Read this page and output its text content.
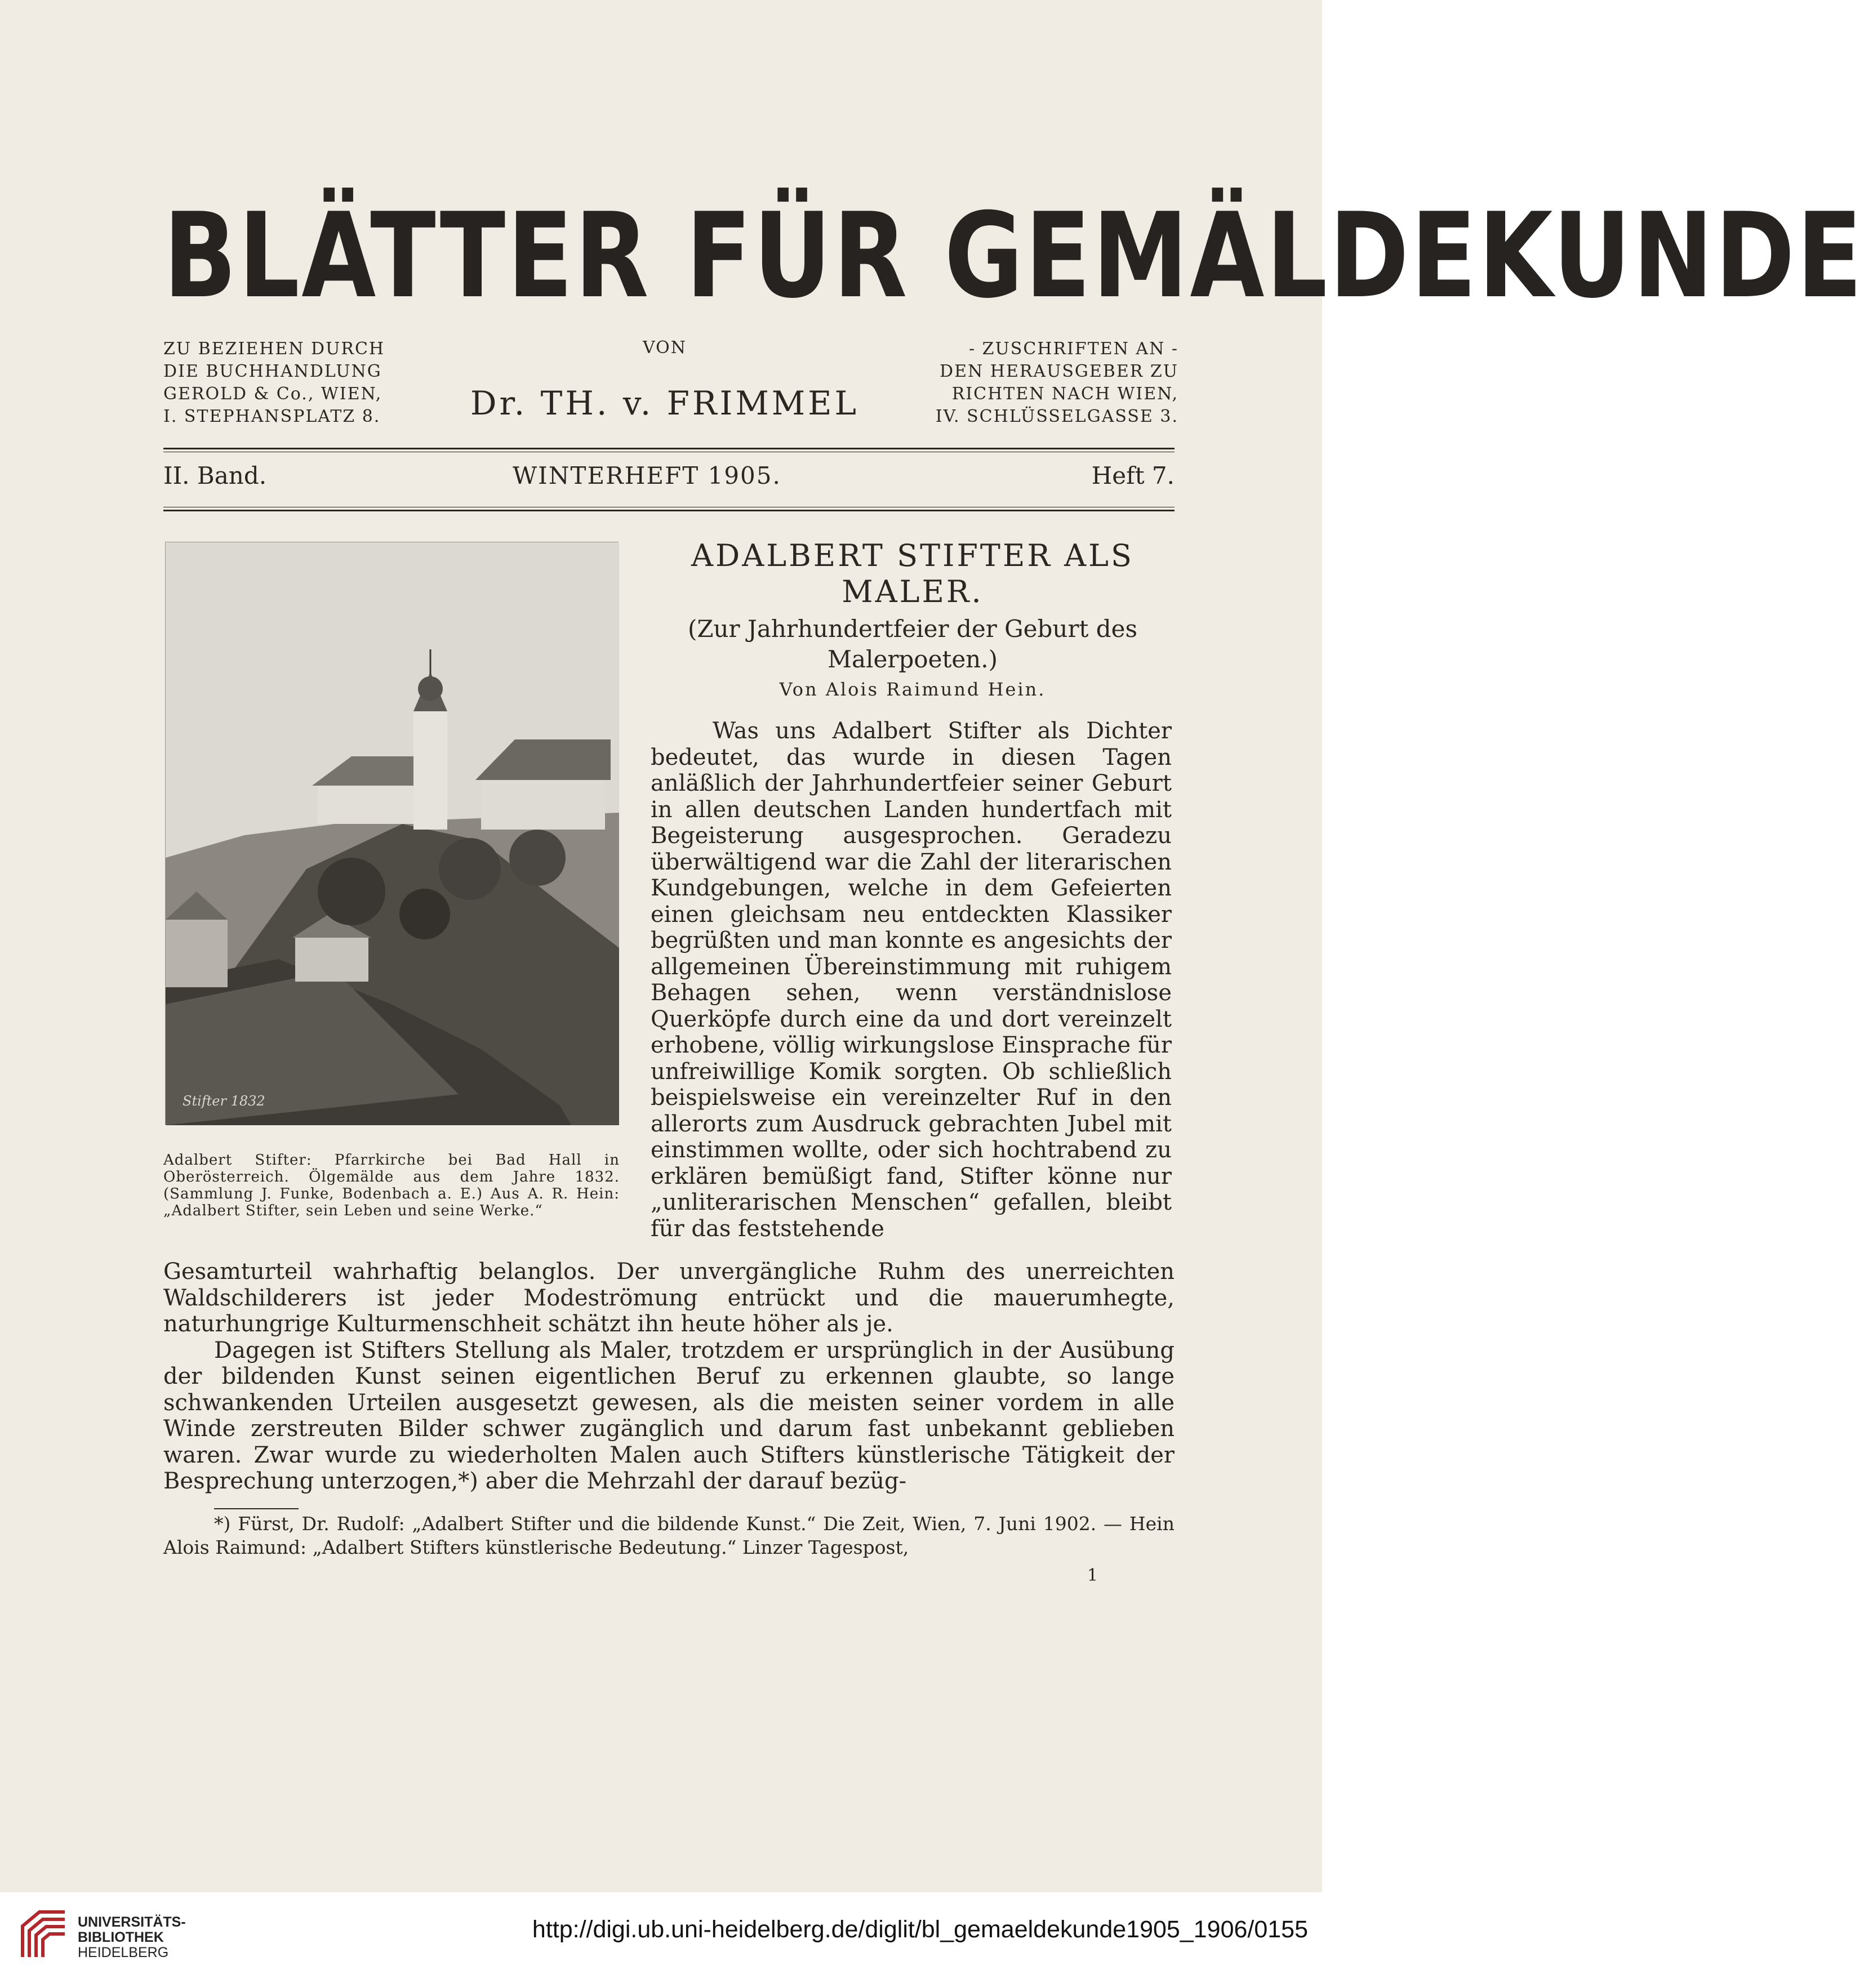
BLÄTTER FÜR GEMÄLDEKUNDE
ZU BEZIEHEN DURCH
DIE BUCHHANDLUNG
GEROLD & Co., WIEN,
I. STEPHANSPLATZ 8.
VON
Dr. TH. v. FRIMMEL
- ZUSCHRIFTEN AN -
DEN HERAUSGEBER ZU
RICHTEN NACH WIEN,
IV. SCHLÜSSELGASSE 3.
II. Band.	WINTERHEFT 1905.	Heft 7.
Stifter 1832
Adalbert Stifter: Pfarrkirche bei Bad Hall in Oberösterreich. Ölgemälde aus dem Jahre 1832. (Sammlung J. Funke, Bodenbach a. E.) Aus A. R. Hein: „Adalbert Stifter, sein Leben und seine Werke.“
ADALBERT STIFTER ALS MALER.
(Zur Jahrhundertfeier der Geburt des Malerpoeten.)
Von Alois Raimund Hein.
Was uns Adalbert Stifter als Dichter bedeutet, das wurde in diesen Tagen anläßlich der Jahrhundertfeier seiner Geburt in allen deutschen Landen hundertfach mit Begeisterung ausgesprochen. Geradezu überwältigend war die Zahl der literarischen Kundgebungen, welche in dem Gefeierten einen gleichsam neu entdeckten Klassiker begrüßten und man konnte es angesichts der allgemeinen Übereinstimmung mit ruhigem Behagen sehen, wenn verständnislose Querköpfe durch eine da und dort vereinzelt erhobene, völlig wirkungslose Einsprache für unfreiwillige Komik sorgten. Ob schließlich beispielsweise ein vereinzelter Ruf in den allerorts zum Ausdruck gebrachten Jubel mit einstimmen wollte, oder sich hochtrabend zu erklären bemüßigt fand, Stifter könne nur „unliterarischen Menschen“ gefallen, bleibt für das feststehende

Gesamturteil wahrhaftig belanglos. Der unvergängliche Ruhm des unerreichten Waldschilderers ist jeder Modeströmung entrückt und die mauerumhegte, naturhungrige Kulturmenschheit schätzt ihn heute höher als je.

Dagegen ist Stifters Stellung als Maler, trotzdem er ursprünglich in der Ausübung der bildenden Kunst seinen eigentlichen Beruf zu erkennen glaubte, so lange schwankenden Urteilen ausgesetzt gewesen, als die meisten seiner vordem in alle Winde zerstreuten Bilder schwer zugänglich und darum fast unbekannt geblieben waren. Zwar wurde zu wiederholten Malen auch Stifters künstlerische Tätigkeit der Besprechung unterzogen,*) aber die Mehrzahl der darauf bezüg-

*) Fürst, Dr. Rudolf: „Adalbert Stifter und die bildende Kunst.“ Die Zeit, Wien, 7. Juni 1902. — Hein Alois Raimund: „Adalbert Stifters künstlerische Bedeutung.“ Linzer Tagespost,
1
UNIVERSITÄTS-
BIBLIOTHEK
HEIDELBERG
http://digi.ub.uni-heidelberg.de/diglit/bl_gemaeldekunde1905_1906/0155
